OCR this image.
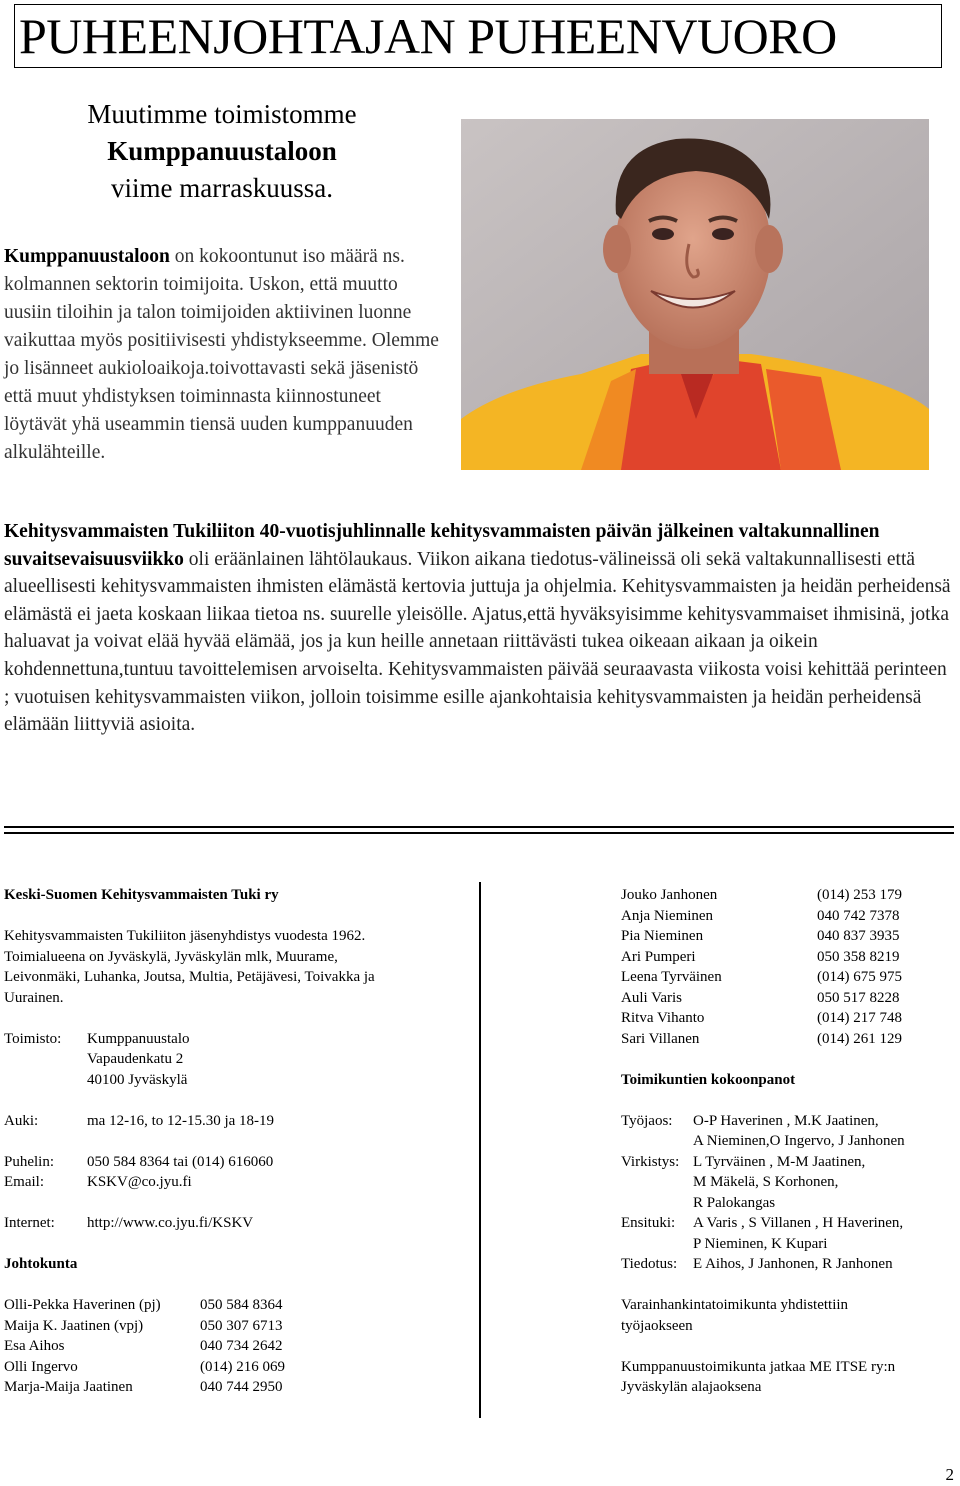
PUHEENJOHTAJAN PUHEENVUORO
Muutimme toimistomme
Kumppanuustaloon
viime marraskuussa.
Kumppanuustaloon on kokoontunut iso määrä ns. kolmannen sektorin toimijoita. Uskon, että muutto uusiin tiloihin ja talon toimijoiden aktiivinen luonne vaikuttaa myös positiivisesti yhdistykseemme. Olemme jo lisänneet aukioloaikoja.toivottavasti sekä jäsenistö että muut yhdistyksen toiminnasta kiinnostuneet löytävät yhä useammin tiensä uuden kumppanuuden alkulähteille.
Kehitysvammaisten Tukiliiton 40-vuotisjuhlinnalle kehitysvammaisten päivän jälkeinen valtakunnallinen suvaitsevaisuusviikko oli eräänlainen lähtölaukaus. Viikon aikana tiedotus-välineissä oli sekä valtakunnallisesti että alueellisesti kehitysvammaisten ihmisten elämästä kertovia juttuja ja ohjelmia. Kehitysvammaisten ja heidän perheidensä elämästä ei jaeta koskaan liikaa tietoa ns. suurelle yleisölle. Ajatus,että hyväksyisimme kehitysvammaiset ihmisinä, jotka haluavat ja voivat elää hyvää elämää, jos ja kun heille annetaan riittävästi tukea oikeaan aikaan ja oikein kohdennettuna,tuntuu tavoittelemisen arvoiselta. Kehitysvammaisten päivää seuraavasta viikosta voisi kehittää perinteen ; vuotuisen kehitysvammaisten viikon, jolloin toisimme esille ajankohtaisia kehitysvammaisten ja heidän perheidensä elämään liittyviä asioita.
Keski-Suomen Kehitysvammaisten Tuki ry
Kehitysvammaisten Tukiliiton jäsenyhdistys vuodesta 1962. Toimialueena on Jyväskylä, Jyväskylän mlk, Muurame, Leivonmäki, Luhanka, Joutsa, Multia, Petäjävesi, Toivakka ja Uurainen.
Toimisto:	Kumppanuustalo
Vapaudenkatu 2
40100 Jyväskylä
Auki:	ma 12-16, to 12-15.30 ja 18-19
Puhelin:	050 584 8364 tai (014) 616060
Email:	KSKV@co.jyu.fi
Internet:	http://www.co.jyu.fi/KSKV
Johtokunta
Olli-Pekka Haverinen (pj)	050 584 8364
Maija K. Jaatinen (vpj)	050 307 6713
Esa Aihos	040 734 2642
Olli Ingervo	(014) 216 069
Marja-Maija Jaatinen	040 744 2950
Jouko Janhonen	(014) 253 179
Anja Nieminen	040 742 7378
Pia Nieminen	040 837 3935
Ari Pumperi	050 358 8219
Leena Tyrväinen	(014) 675 975
Auli Varis	050 517 8228
Ritva Vihanto	(014) 217 748
Sari Villanen	(014) 261 129
Toimikuntien kokoonpanot
Työjaos:	O-P Haverinen , M.K Jaatinen,
A Nieminen,O Ingervo, J Janhonen
Virkistys: L Tyrväinen , M-M Jaatinen,
M Mäkelä, S Korhonen,
R Palokangas
Ensituki:	A Varis , S Villanen , H Haverinen,
P Nieminen, K Kupari
Tiedotus:	E Aihos, J Janhonen, R Janhonen
Varainhankintatoimikunta yhdistettiin työjaokseen
Kumppanuustoimikunta jatkaa ME ITSE ry:n Jyväskylän alajaoksena
2
